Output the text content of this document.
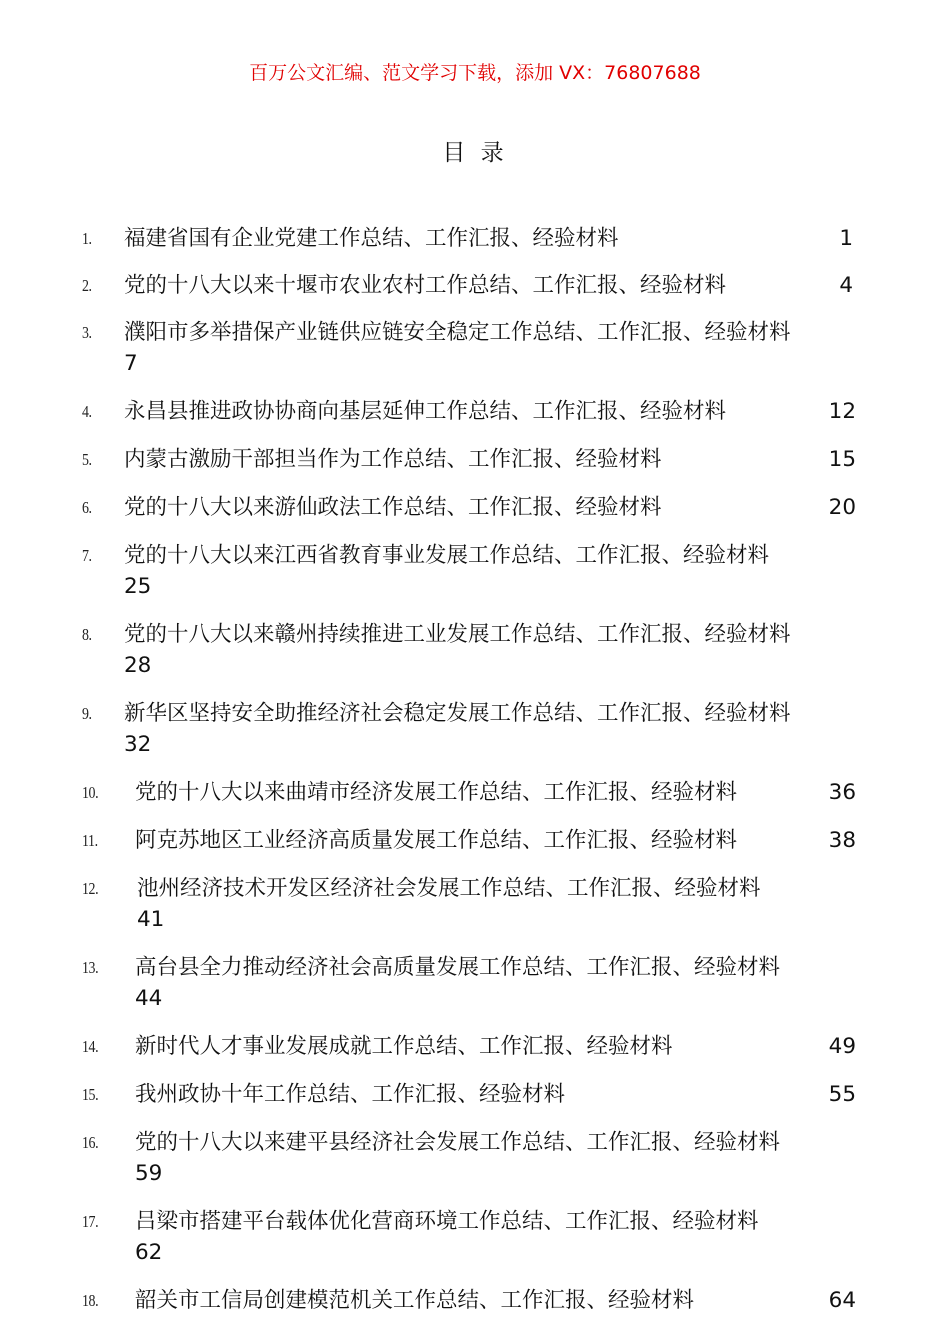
百万公文汇编、范文学习下载，添加 VX：76807688
目 录
1. 福建省国有企业党建工作总结、工作汇报、经验材料	1
2. 党的十八大以来十堰市农业农村工作总结、工作汇报、经验材料	4
3. 濮阳市多举措保产业链供应链安全稳定工作总结、工作汇报、经验材料
7
4. 永昌县推进政协协商向基层延伸工作总结、工作汇报、经验材料	12
5. 内蒙古激励干部担当作为工作总结、工作汇报、经验材料	15
6. 党的十八大以来游仙政法工作总结、工作汇报、经验材料	20
7. 党的十八大以来江西省教育事业发展工作总结、工作汇报、经验材料
25
8. 党的十八大以来赣州持续推进工业发展工作总结、工作汇报、经验材料
28
9. 新华区坚持安全助推经济社会稳定发展工作总结、工作汇报、经验材料
32
10. 党的十八大以来曲靖市经济发展工作总结、工作汇报、经验材料	36
11. 阿克苏地区工业经济高质量发展工作总结、工作汇报、经验材料	38
12. 池州经济技术开发区经济社会发展工作总结、工作汇报、经验材料
41
13. 高台县全力推动经济社会高质量发展工作总结、工作汇报、经验材料
44
14. 新时代人才事业发展成就工作总结、工作汇报、经验材料	49
15. 我州政协十年工作总结、工作汇报、经验材料	55
16. 党的十八大以来建平县经济社会发展工作总结、工作汇报、经验材料
59
17. 吕梁市搭建平台载体优化营商环境工作总结、工作汇报、经验材料
62
18. 韶关市工信局创建模范机关工作总结、工作汇报、经验材料	64
